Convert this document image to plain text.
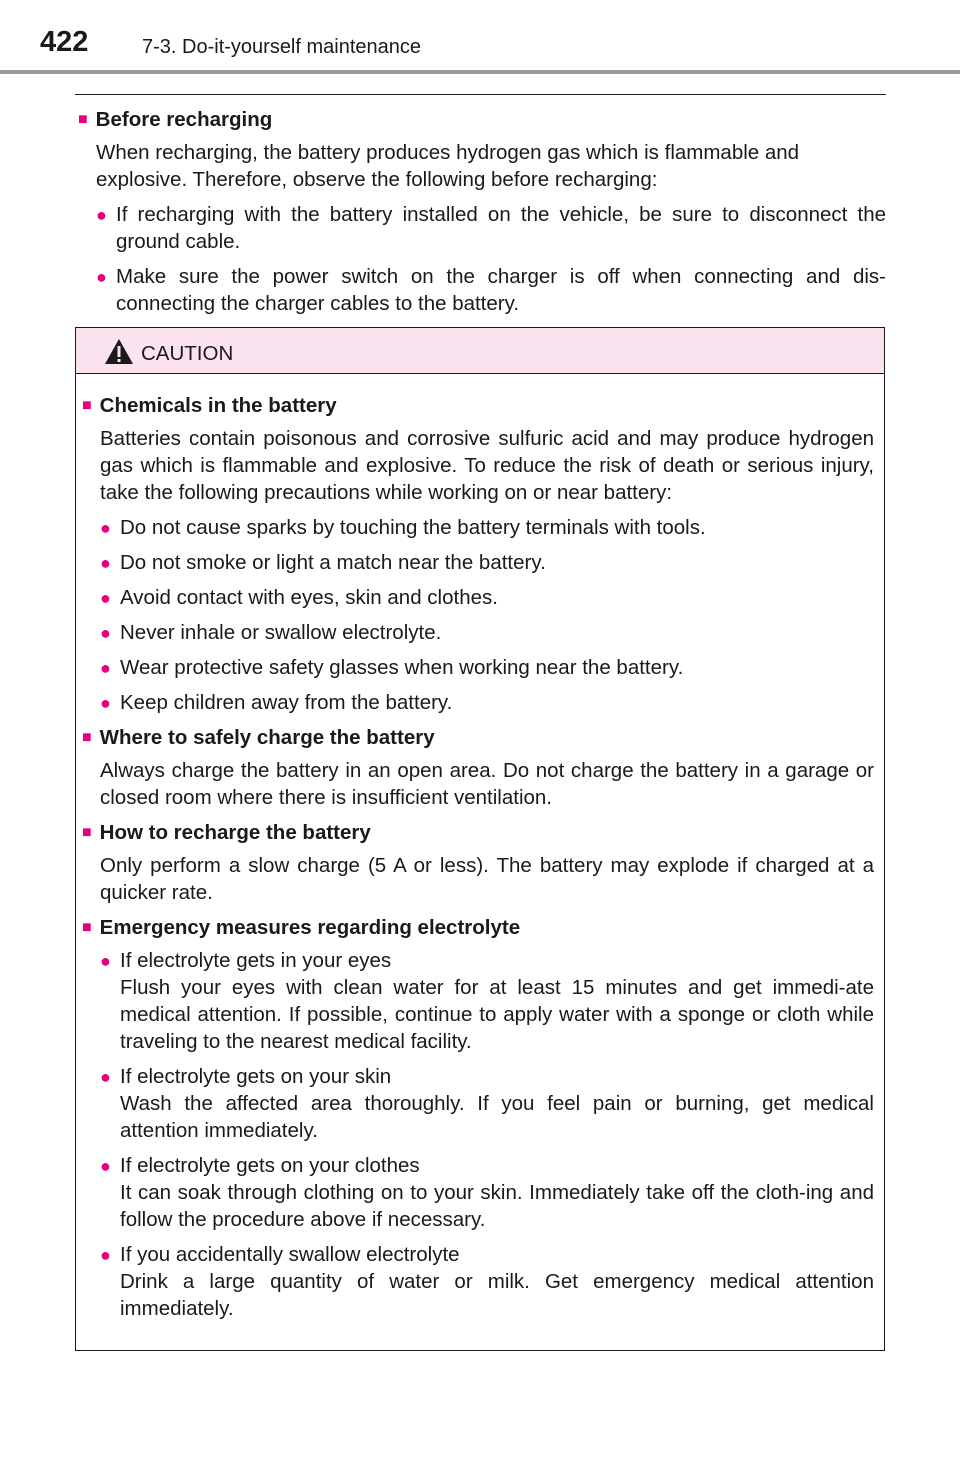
422	7-3. Do-it-yourself maintenance
■ Before recharging
When recharging, the battery produces hydrogen gas which is flammable and explosive. Therefore, observe the following before recharging:
● If recharging with the battery installed on the vehicle, be sure to disconnect the ground cable.
● Make sure the power switch on the charger is off when connecting and dis-connecting the charger cables to the battery.
CAUTION
■ Chemicals in the battery
Batteries contain poisonous and corrosive sulfuric acid and may produce hydrogen gas which is flammable and explosive. To reduce the risk of death or serious injury, take the following precautions while working on or near battery:
● Do not cause sparks by touching the battery terminals with tools.
● Do not smoke or light a match near the battery.
● Avoid contact with eyes, skin and clothes.
● Never inhale or swallow electrolyte.
● Wear protective safety glasses when working near the battery.
● Keep children away from the battery.
■ Where to safely charge the battery
Always charge the battery in an open area. Do not charge the battery in a garage or closed room where there is insufficient ventilation.
■ How to recharge the battery
Only perform a slow charge (5 A or less). The battery may explode if charged at a quicker rate.
■ Emergency measures regarding electrolyte
● If electrolyte gets in your eyes
Flush your eyes with clean water for at least 15 minutes and get immedi-ate medical attention. If possible, continue to apply water with a sponge or cloth while traveling to the nearest medical facility.
● If electrolyte gets on your skin
Wash the affected area thoroughly. If you feel pain or burning, get medical attention immediately.
● If electrolyte gets on your clothes
It can soak through clothing on to your skin. Immediately take off the cloth-ing and follow the procedure above if necessary.
● If you accidentally swallow electrolyte
Drink a large quantity of water or milk. Get emergency medical attention immediately.
